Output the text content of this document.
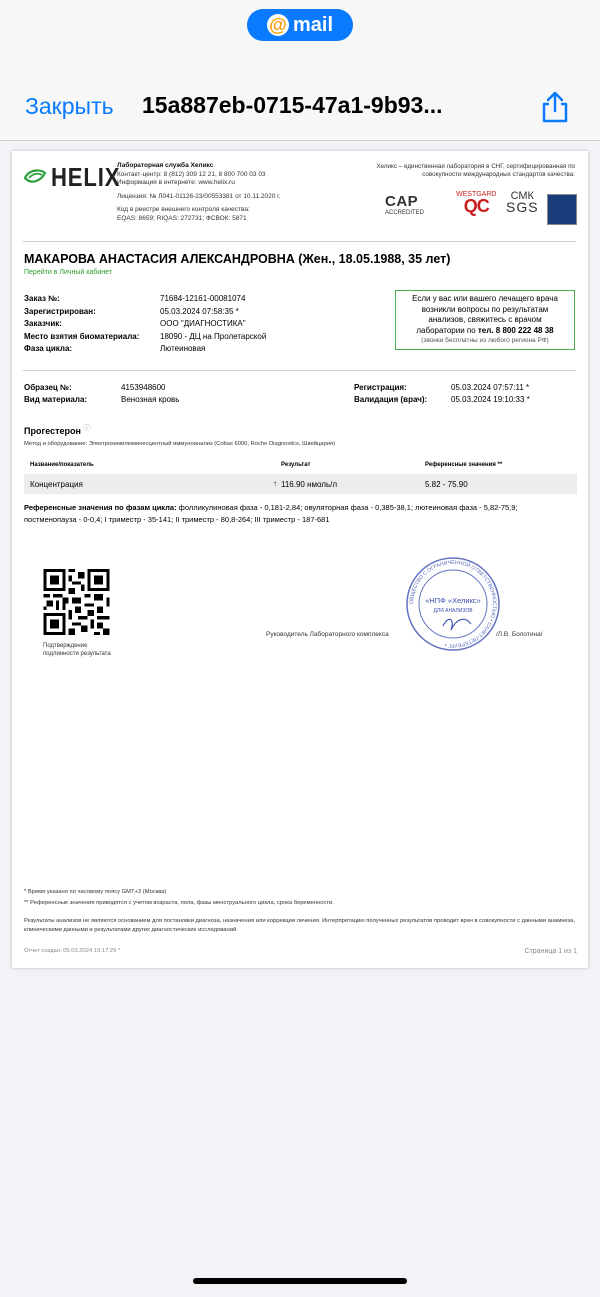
@ mail
Закрыть 15a887eb-0715-47a1-9b93...
HELIX
Лабораторная служба Хеликс
Контакт-центр: 8 (812) 309 12 21, 8 800 700 03 03
Информация в интернете: www.helix.ru
Лицензия: № Л041-01126-23/00553381 от 10.11.2020 г.
Код в реестре внешнего контроля качества:
EQAS: 8659; RIQAS: 272731; ФСВОК: 5871
Хеликс – единственная лаборатория в СНГ, сертифицированная по совокупности международных стандартов качества:
CAP
ACCREDITED
WESTGARD
QC	СМК
SGS
МАКАРОВА АНАСТАСИЯ АЛЕКСАНДРОВНА (Жен., 18.05.1988, 35 лет)
Перейти в Личный кабинет
Заказ №:	71684-12161-00081074
Зарегистрирован:	05.03.2024 07:58:35 *
Заказчик:	ООО "ДИАГНОСТИКА"
Место взятия биоматериала:	18090 - ДЦ на Пролетарской
Фаза цикла:	Лютеиновая
Если у вас или вашего лечащего врача
возникли вопросы по результатам
анализов, свяжитесь с врачом
лаборатории по тел. 8 800 222 48 38
(звонки бесплатны из любого региона РФ)
Образец №:	4153948600
Вид материала:	Венозная кровь
Регистрация:	05.03.2024 07:57:11 *
Валидация (врач):	05.03.2024 19:10:33 *
Прогестерон ⓘ
Метод и оборудование: Электрохемилюминесцентный иммуноанализ (Cobas 6000, Roche Diagnostics, Швейцария)
Название/показатель	Результат	Референсные значения **
Концентрация	↑ 116.90 нмоль/л	5.82 - 75.90
Референсные значения по фазам цикла: фолликулиновая фаза - 0,181-2,84; овуляторная фаза - 0,385-38,1; лютеиновая фаза - 5,82-75,9; постменопауза - 0-0,4; I триместр - 35-141; II триместр - 80,8-264; III триместр - 187-681
Подтверждение
подлинности результата
ОБЩЕСТВО С ОГРАНИЧЕННОЙ ОТВЕТСТВЕННОСТЬЮ • САНКТ-ПЕТЕРБУРГ •
«НПФ «Хеликс»
ДЛЯ АНАЛИЗОВ
Руководитель Лабораторного комплекса	/Л.В. Болотина/
* Время указано по часовому поясу GMT+3 (Москва)
** Референсные значения приводятся с учетом возраста, пола, фазы менструального цикла, срока беременности.
Результаты анализов не являются основанием для постановки диагноза, назначения или коррекции лечения. Интерпретацию полученных результатов проводит врач в совокупности с данными анамнеза, клиническими данными и результатами других диагностических исследований.
Отчет создан: 05.03.2024 19:17:29 *	Страница 1 из 1
